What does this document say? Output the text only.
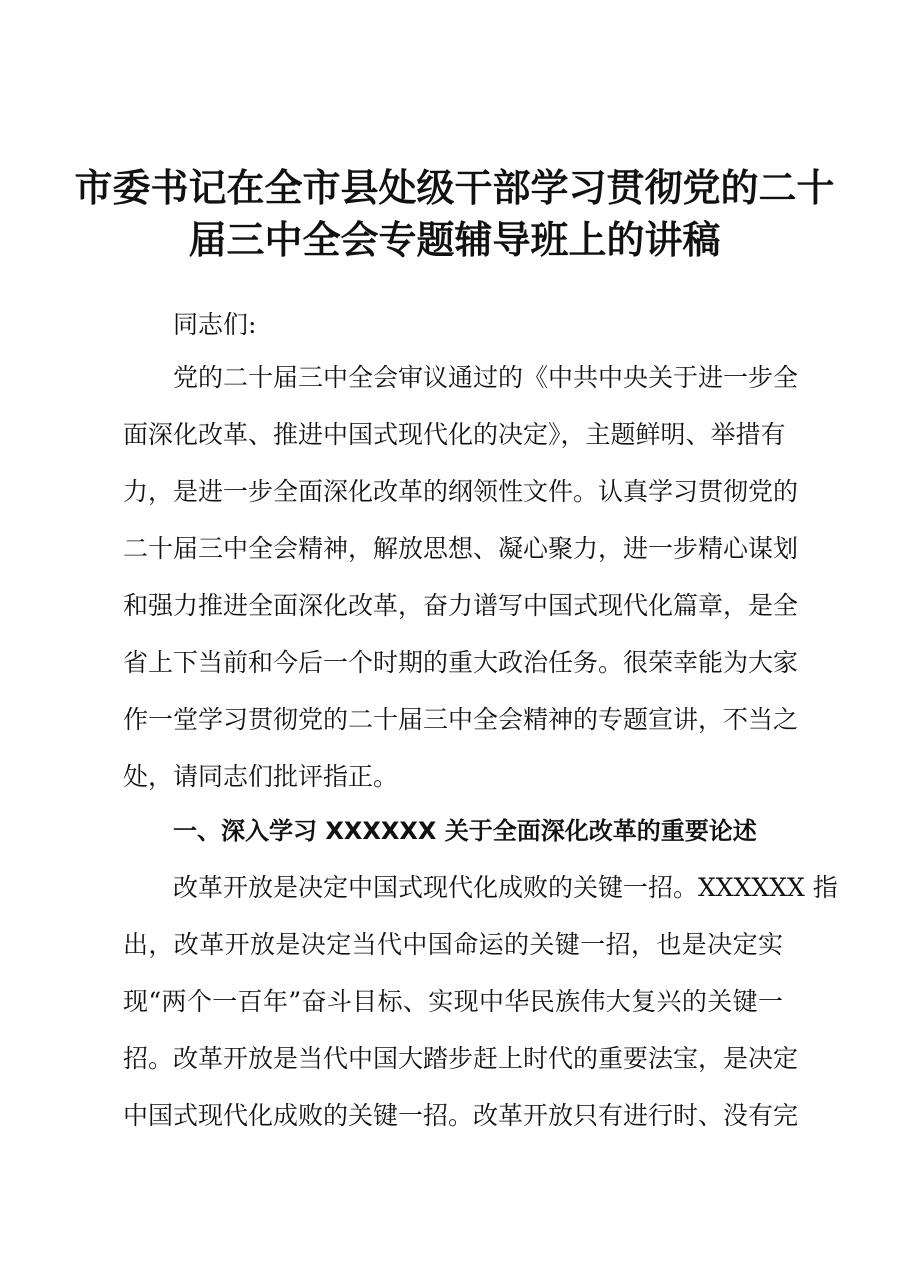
市委书记在全市县处级干部学习贯彻党的二十
届三中全会专题辅导班上的讲稿
同志们:
党的二十届三中全会审议通过的《中共中央关于进一步全
面深化改革、推进中国式现代化的决定》，主题鲜明、举措有
力，是进一步全面深化改革的纲领性文件。认真学习贯彻党的
二十届三中全会精神，解放思想、凝心聚力，进一步精心谋划
和强力推进全面深化改革，奋力谱写中国式现代化篇章，是全
省上下当前和今后一个时期的重大政治任务。很荣幸能为大家
作一堂学习贯彻党的二十届三中全会精神的专题宣讲，不当之
处，请同志们批评指正。
一、深入学习 XXXXXX 关于全面深化改革的重要论述
改革开放是决定中国式现代化成败的关键一招。XXXXXX 指
出，改革开放是决定当代中国命运的关键一招，也是决定实
现“两个一百年”奋斗目标、实现中华民族伟大复兴的关键一
招。改革开放是当代中国大踏步赶上时代的重要法宝，是决定
中国式现代化成败的关键一招。改革开放只有进行时、没有完
